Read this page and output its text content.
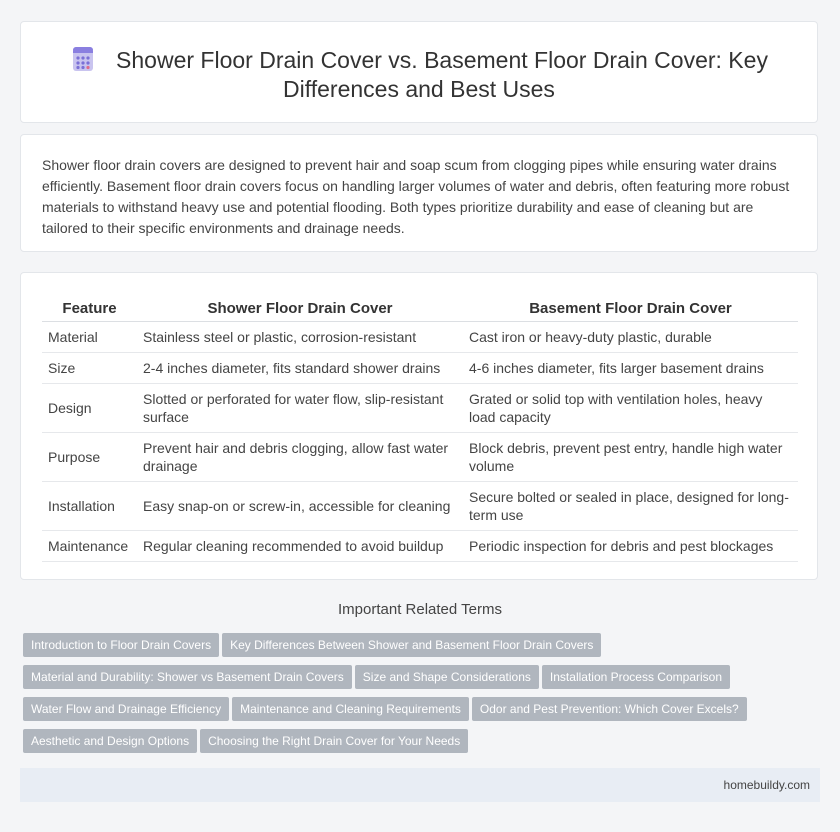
Shower Floor Drain Cover vs. Basement Floor Drain Cover: Key Differences and Best Uses

Shower floor drain covers are designed to prevent hair and soap scum from clogging pipes while ensuring water drains efficiently. Basement floor drain covers focus on handling larger volumes of water and debris, often featuring more robust materials to withstand heavy use and potential flooding. Both types prioritize durability and ease of cleaning but are tailored to their specific environments and drainage needs.

Feature	Shower Floor Drain Cover	Basement Floor Drain Cover
Material	Stainless steel or plastic, corrosion-resistant	Cast iron or heavy-duty plastic, durable
Size	2-4 inches diameter, fits standard shower drains	4-6 inches diameter, fits larger basement drains
Design	Slotted or perforated for water flow, slip-resistant surface	Grated or solid top with ventilation holes, heavy load capacity
Purpose	Prevent hair and debris clogging, allow fast water drainage	Block debris, prevent pest entry, handle high water volume
Installation	Easy snap-on or screw-in, accessible for cleaning	Secure bolted or sealed in place, designed for long-term use
Maintenance	Regular cleaning recommended to avoid buildup	Periodic inspection for debris and pest blockages
Important Related Terms
Introduction to Floor Drain Covers Key Differences Between Shower and Basement Floor Drain Covers
Material and Durability: Shower vs Basement Drain Covers Size and Shape Considerations Installation Process Comparison
Water Flow and Drainage Efficiency Maintenance and Cleaning Requirements Odor and Pest Prevention: Which Cover Excels?
Aesthetic and Design Options Choosing the Right Drain Cover for Your Needs
homebuildy.com
